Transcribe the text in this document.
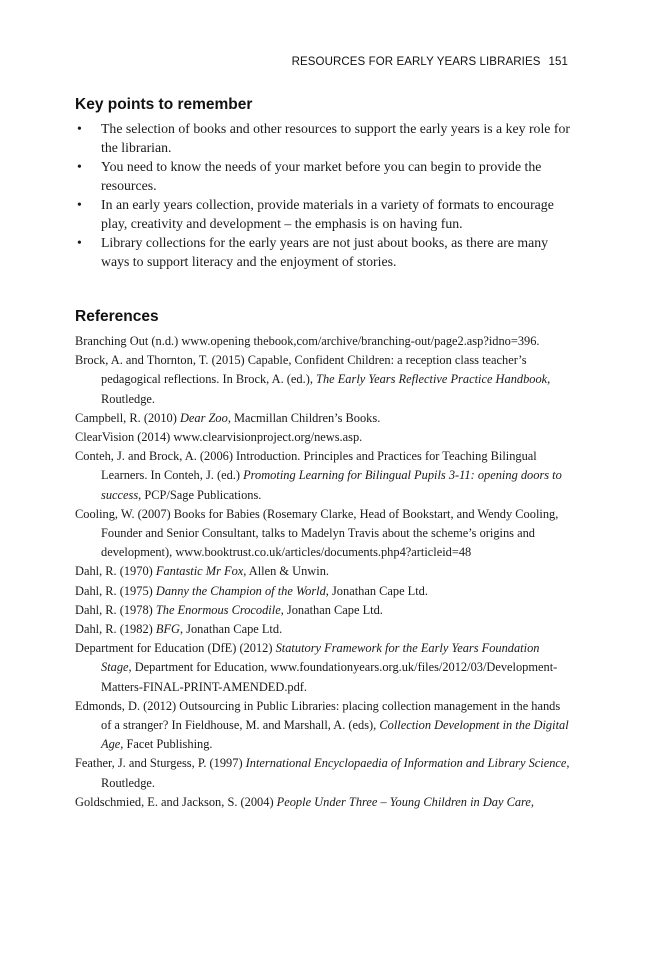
RESOURCES FOR EARLY YEARS LIBRARIES 151
Key points to remember
• The selection of books and other resources to support the early years is a key role for the librarian.
• You need to know the needs of your market before you can begin to provide the resources.
• In an early years collection, provide materials in a variety of formats to encourage play, creativity and development – the emphasis is on having fun.
• Library collections for the early years are not just about books, as there are many ways to support literacy and the enjoyment of stories.
References
Branching Out (n.d.) www.opening thebook,com/archive/branching-out/page2.asp?idno=396.
Brock, A. and Thornton, T. (2015) Capable, Confident Children: a reception class teacher’s pedagogical reflections. In Brock, A. (ed.), The Early Years Reflective Practice Handbook, Routledge.
Campbell, R. (2010) Dear Zoo, Macmillan Children’s Books.
ClearVision (2014) www.clearvisionproject.org/news.asp.
Conteh, J. and Brock, A. (2006) Introduction. Principles and Practices for Teaching Bilingual Learners. In Conteh, J. (ed.) Promoting Learning for Bilingual Pupils 3-11: opening doors to success, PCP/Sage Publications.
Cooling, W. (2007) Books for Babies (Rosemary Clarke, Head of Bookstart, and Wendy Cooling, Founder and Senior Consultant, talks to Madelyn Travis about the scheme’s origins and development), www.booktrust.co.uk/articles/documents.php4?articleid=48
Dahl, R. (1970) Fantastic Mr Fox, Allen & Unwin.
Dahl, R. (1975) Danny the Champion of the World, Jonathan Cape Ltd.
Dahl, R. (1978) The Enormous Crocodile, Jonathan Cape Ltd.
Dahl, R. (1982) BFG, Jonathan Cape Ltd.
Department for Education (DfE) (2012) Statutory Framework for the Early Years Foundation Stage, Department for Education, www.foundationyears.org.uk/files/2012/03/Development-Matters-FINAL-PRINT-AMENDED.pdf.
Edmonds, D. (2012) Outsourcing in Public Libraries: placing collection management in the hands of a stranger? In Fieldhouse, M. and Marshall, A. (eds), Collection Development in the Digital Age, Facet Publishing.
Feather, J. and Sturgess, P. (1997) International Encyclopaedia of Information and Library Science, Routledge.
Goldschmied, E. and Jackson, S. (2004) People Under Three – Young Children in Day Care,
